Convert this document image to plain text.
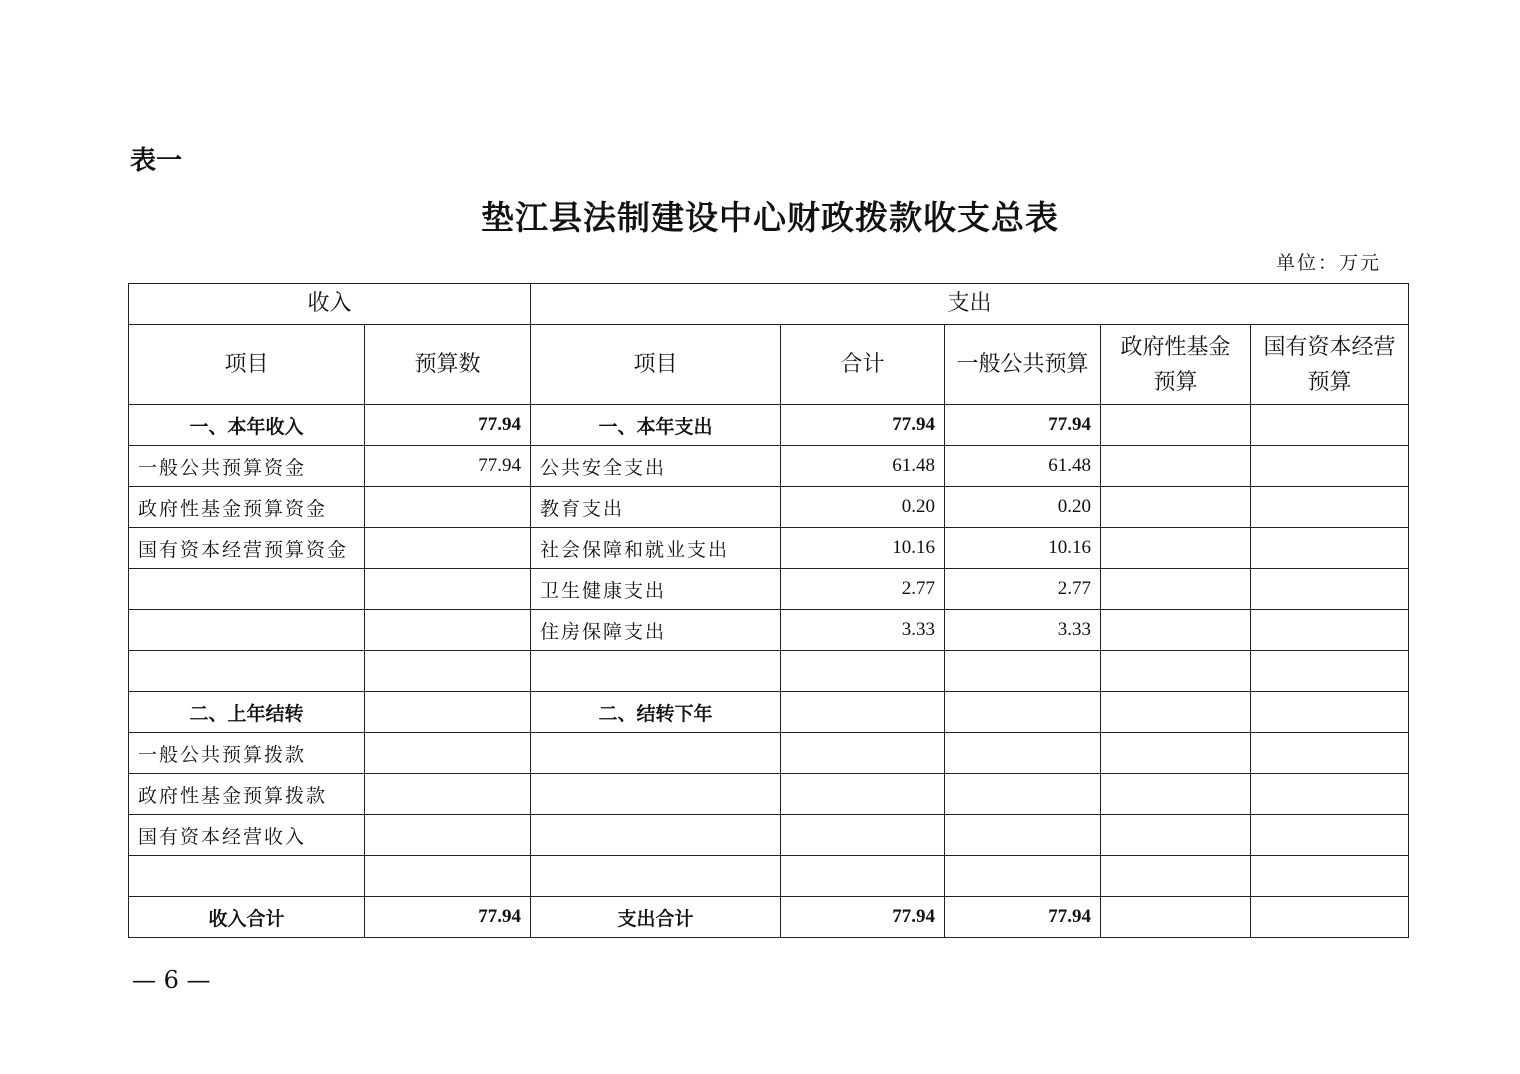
表一
垫江县法制建设中心财政拨款收支总表
单位：万元
收入		支出				
项目	预算数	项目	合计	一般公共预算	政府性基金预算	国有资本经营预算
一、本年收入	77.94	一、本年支出	77.94	77.94		
一般公共预算资金	77.94	公共安全支出	61.48	61.48		
政府性基金预算资金		教育支出	0.20	0.20		
国有资本经营预算资金		社会保障和就业支出	10.16	10.16		
		卫生健康支出	2.77	2.77		
		住房保障支出	3.33	3.33		

二、上年结转		二、结转下年				
一般公共预算拨款						
政府性基金预算拨款						
国有资本经营收入						

收入合计	77.94	支出合计	77.94	77.94		
— 6 —
